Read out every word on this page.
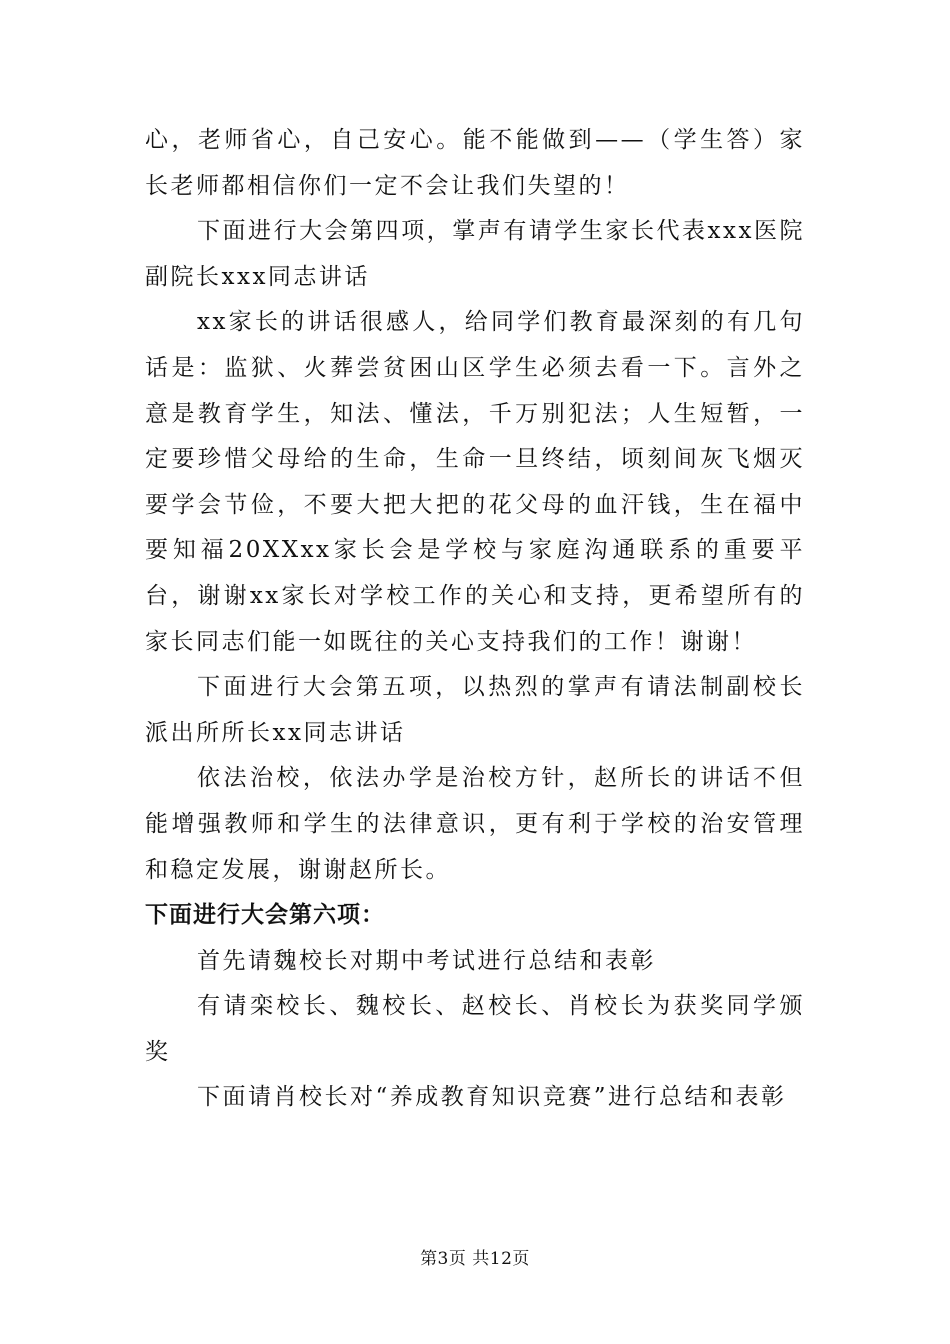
心，老师省心，自己安心。能不能做到——（学生答）家长老师都相信你们一定不会让我们失望的！

下面进行大会第四项，掌声有请学生家长代表xxx医院副院长xxx同志讲话

xx家长的讲话很感人，给同学们教育最深刻的有几句话是：监狱、火葬尝贫困山区学生必须去看一下。言外之意是教育学生，知法、懂法，千万别犯法；人生短暂，一定要珍惜父母给的生命，生命一旦终结，顷刻间灰飞烟灭要学会节俭，不要大把大把的花父母的血汗钱，生在福中要知福20XXxx家长会是学校与家庭沟通联系的重要平台，谢谢xx家长对学校工作的关心和支持，更希望所有的家长同志们能一如既往的关心支持我们的工作！谢谢！

下面进行大会第五项，以热烈的掌声有请法制副校长派出所所长xx同志讲话

依法治校，依法办学是治校方针，赵所长的讲话不但能增强教师和学生的法律意识，更有利于学校的治安管理和稳定发展，谢谢赵所长。

下面进行大会第六项：

首先请魏校长对期中考试进行总结和表彰

有请栾校长、魏校长、赵校长、肖校长为获奖同学颁奖

下面请肖校长对“养成教育知识竞赛”进行总结和表彰

第3页 共12页
